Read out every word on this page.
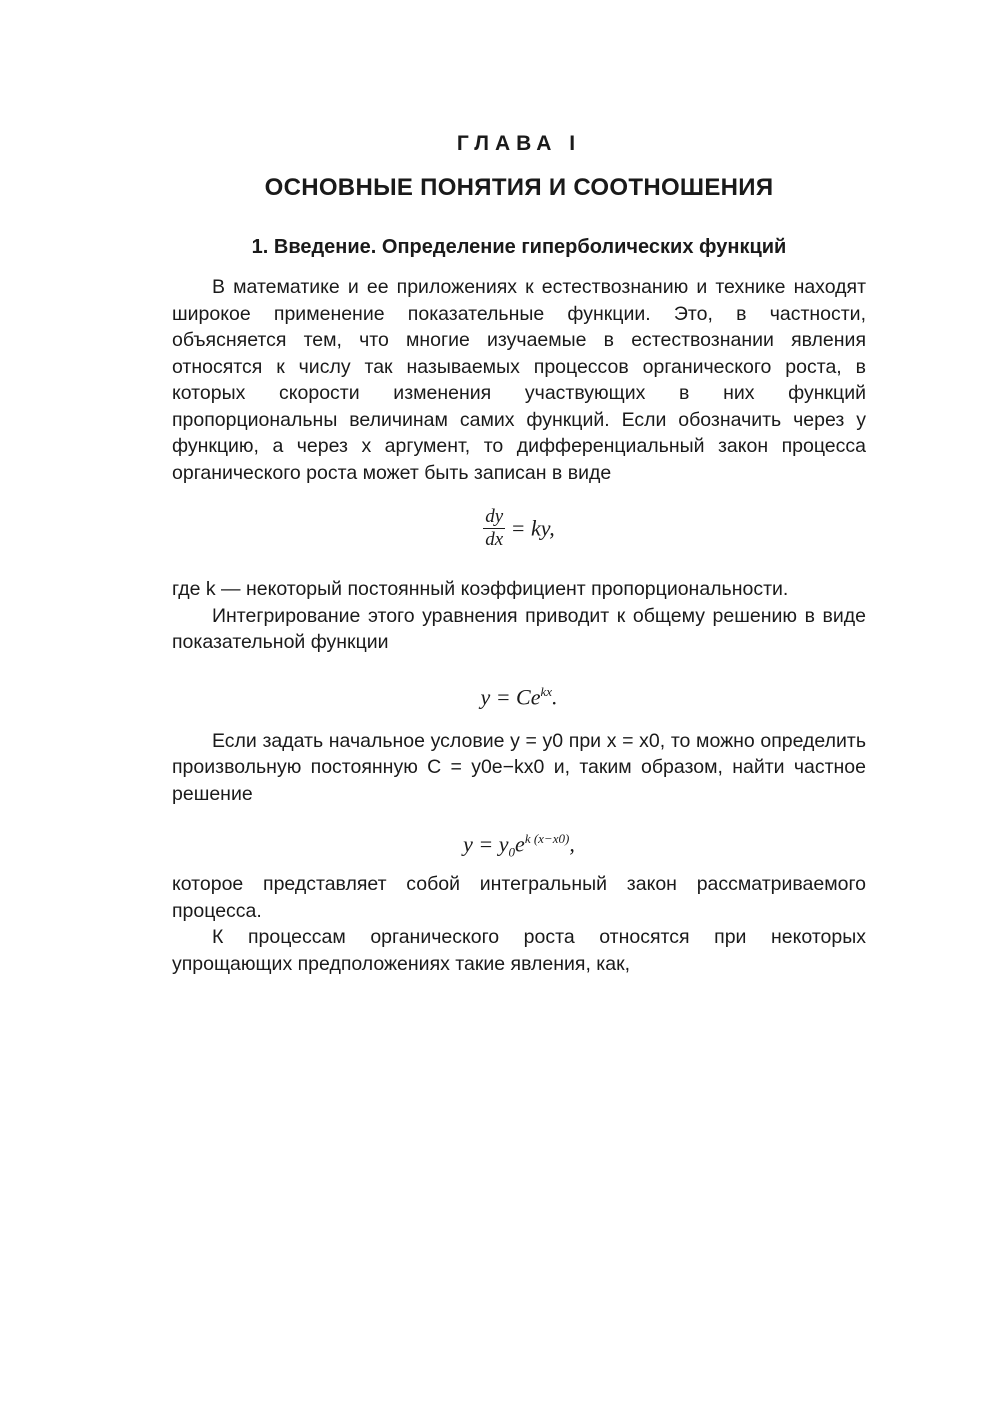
ГЛАВА I
ОСНОВНЫЕ ПОНЯТИЯ И СООТНОШЕНИЯ
1. Введение. Определение гиперболических функций

В математике и ее приложениях к естествознанию и технике находят широкое применение показательные функции. Это, в частности, объясняется тем, что многие изучаемые в естествознании явления относятся к числу так называемых процессов органического роста, в которых скорости изменения участвующих в них функций пропорциональны величинам самих функций. Если обозначить через y функцию, а через x аргумент, то дифференциальный закон процесса органического роста может быть записан в виде

$\frac{dy}{dx}$ = ky,

где k — некоторый постоянный коэффициент пропорциональности.

Интегрирование этого уравнения приводит к общему решению в виде показательной функции

$y = Ce^{kx}$.

Если задать начальное условие y = y0 при x = x0, то можно определить произвольную постоянную C = y0e−kx0 и, таким образом, найти частное решение

$y = y_0e^{k (x-x0)}$,

которое представляет собой интегральный закон рассматриваемого процесса.

К процессам органического роста относятся при некоторых упрощающих предположениях такие явления, как,
